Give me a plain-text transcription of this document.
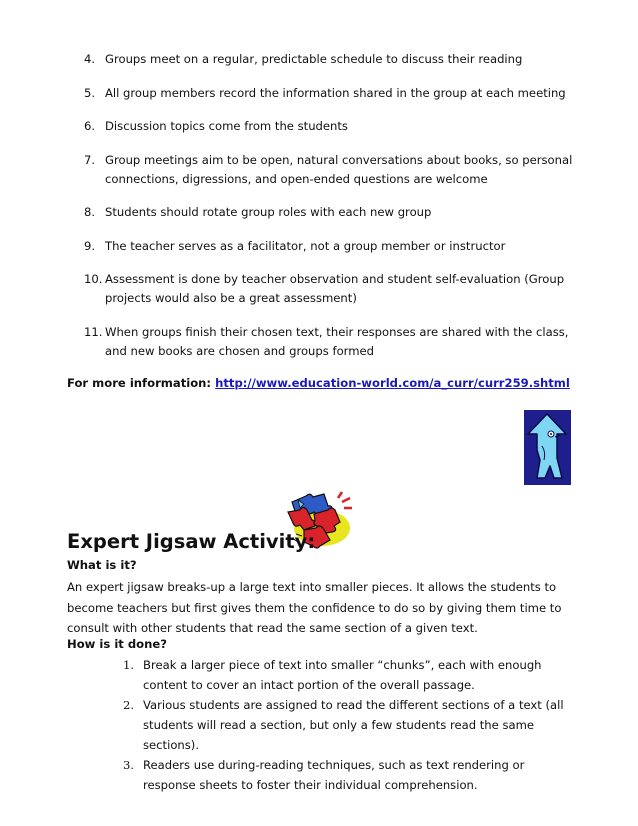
4. Groups meet on a regular, predictable schedule to discuss their reading
5. All group members record the information shared in the group at each meeting
6. Discussion topics come from the students
7. Group meetings aim to be open, natural conversations about books, so personal connections, digressions, and open-ended questions are welcome
8. Students should rotate group roles with each new group
9. The teacher serves as a facilitator, not a group member or instructor
10. Assessment is done by teacher observation and student self-evaluation (Group projects would also be a great assessment)
11. When groups finish their chosen text, their responses are shared with the class, and new books are chosen and groups formed
For more information: http://www.education-world.com/a_curr/curr259.shtml
Expert Jigsaw Activity:
What is it?
An expert jigsaw breaks-up a large text into smaller pieces. It allows the students to become teachers but first gives them the confidence to do so by giving them time to consult with other students that read the same section of a given text.
How is it done?
1. Break a larger piece of text into smaller “chunks”, each with enough content to cover an intact portion of the overall passage.
2. Various students are assigned to read the different sections of a text (all students will read a section, but only a few students read the same sections).
3. Readers use during-reading techniques, such as text rendering or response sheets to foster their individual comprehension.
